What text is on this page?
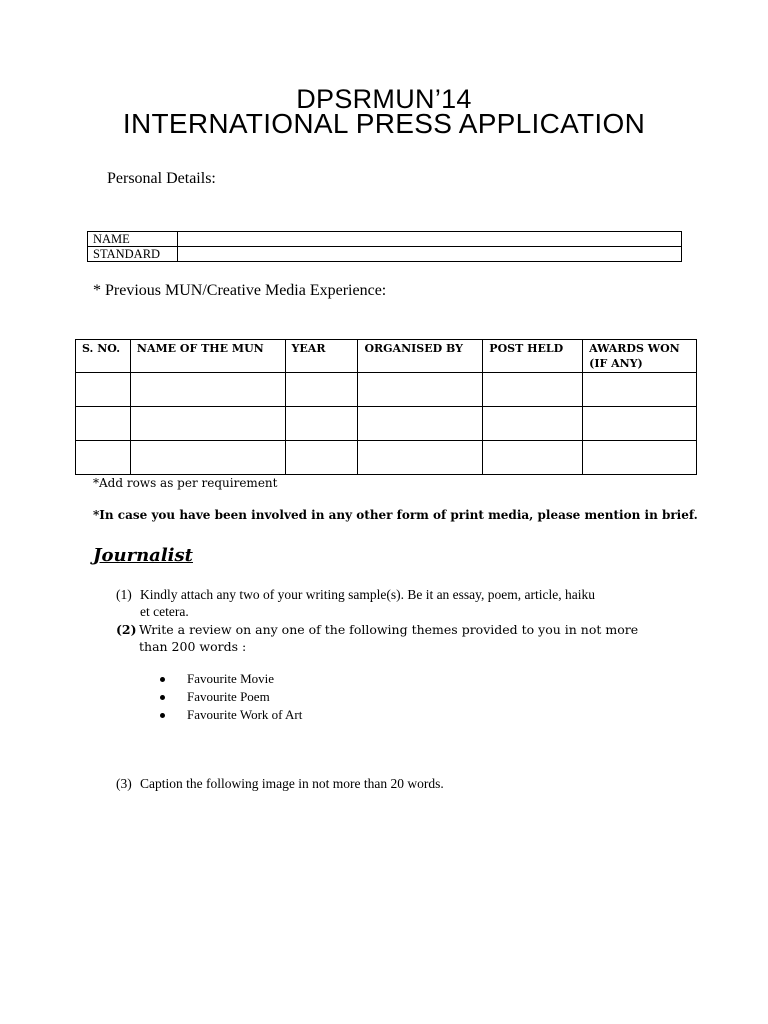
DPSRMUN’14
INTERNATIONAL PRESS APPLICATION
Personal Details:
NAME	
STANDARD	
* Previous MUN/Creative Media Experience:
S. NO.	NAME OF THE MUN	YEAR	ORGANISED BY	POST HELD	AWARDS WON
(IF ANY)

*Add rows as per requirement
*In case you have been involved in any other form of print media, please mention in brief.
Journalist
(1) Kindly attach any two of your writing sample(s). Be it an essay, poem, article, haiku
et cetera.
(2) Write a review on any one of the following themes provided to you in not more
than 200 words :
Favourite Movie
Favourite Poem
Favourite Work of Art
(3) Caption the following image in not more than 20 words.
